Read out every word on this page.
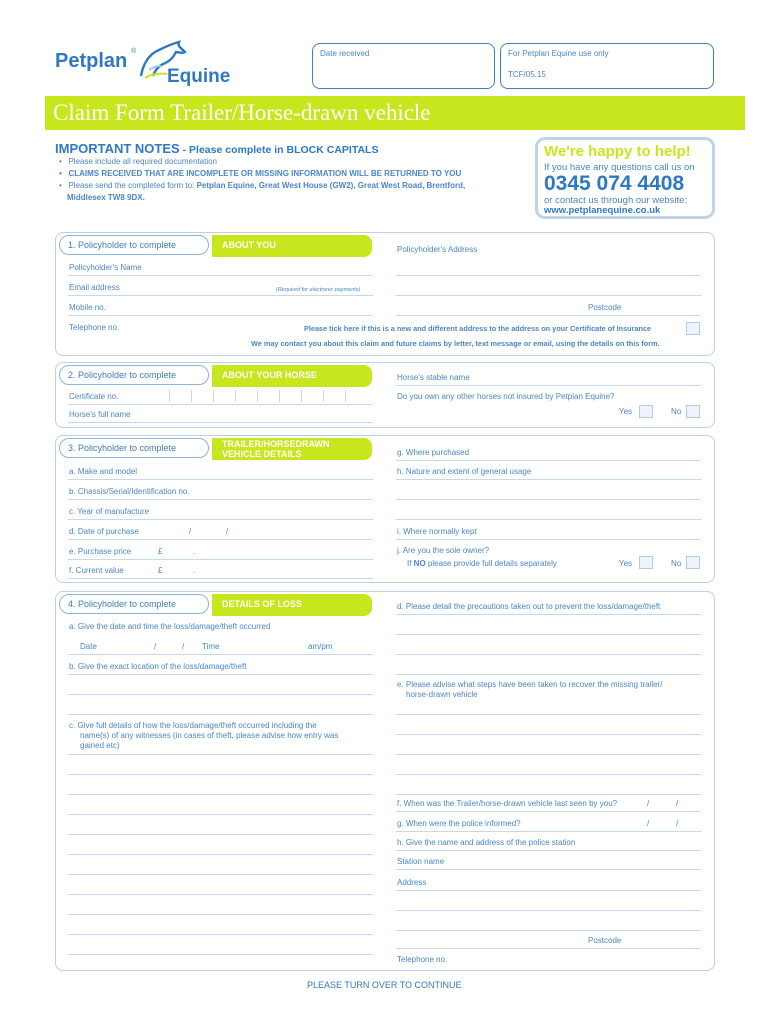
Petplan ®
Equine
Date received	For Petplan Equine use only
TCF/05.15
Claim Form Trailer/Horse-drawn vehicle
IMPORTANT NOTES - Please complete in BLOCK CAPITALS
•   Please include all required documentation
•   CLAIMS RECEIVED THAT ARE INCOMPLETE OR MISSING INFORMATION WILL BE RETURNED TO YOU
•   Please send the completed form to: Petplan Equine, Great West House (GW2), Great West Road, Brentford,
Middlesex TW8 9DX.
We're happy to help!
If you have any questions call us on
0345 074 4408
or contact us through our website:
www.petplanequine.co.uk
1. Policyholder to complete	ABOUT YOU	Policyholder's Address
Postcode
Policyholder's Name
Email address	(Required for electronic payments)
Mobile no.
Telephone no.	Please tick here if this is a new and different address to the address on your Certificate of Insurance
We may contact you about this claim and future claims by letter, text message or email, using the details on this form.
2. Policyholder to complete	ABOUT YOUR HORSE	Horse's stable name
Certificate no.	Do you own any other horses not insured by Petplan Equine?
Horse's full name	Yes	No
3. Policyholder to complete	TRAILER/HORSEDRAWN
VEHICLE DETAILS	g. Where purchased
a. Make and model	h. Nature and extent of general usage
b. Chassis/Serial/Identification no.
c. Year of manufacture
d. Date of purchase	/	/	i. Where normally kept
e. Purchase price	£	.	j. Are you the sole owner?
If NO please provide full details separately	Yes	No
f. Current value	£	.
4. Policyholder to complete	DETAILS OF LOSS	d. Please detail the precautions taken out to prevent the loss/damage/theft
a. Give the date and time the loss/damage/theft occurred
Date	/	/ Time	am/pm
b. Give the exact location of the loss/damage/theft
e. Please advise what steps have been taken to recover the missing trailer/
horse-drawn vehicle
c. Give full details of how the loss/damage/theft occurred including the
name(s) of any witnesses (in cases of theft, please advise how entry was
gained etc)
f. When was the Trailer/horse-drawn vehicle last seen by you?	/	/
g. When were the police informed?	/	/
h. Give the name and address of the police station
Station name
Address
Postcode
Telephone no.
PLEASE TURN OVER TO CONTINUE
